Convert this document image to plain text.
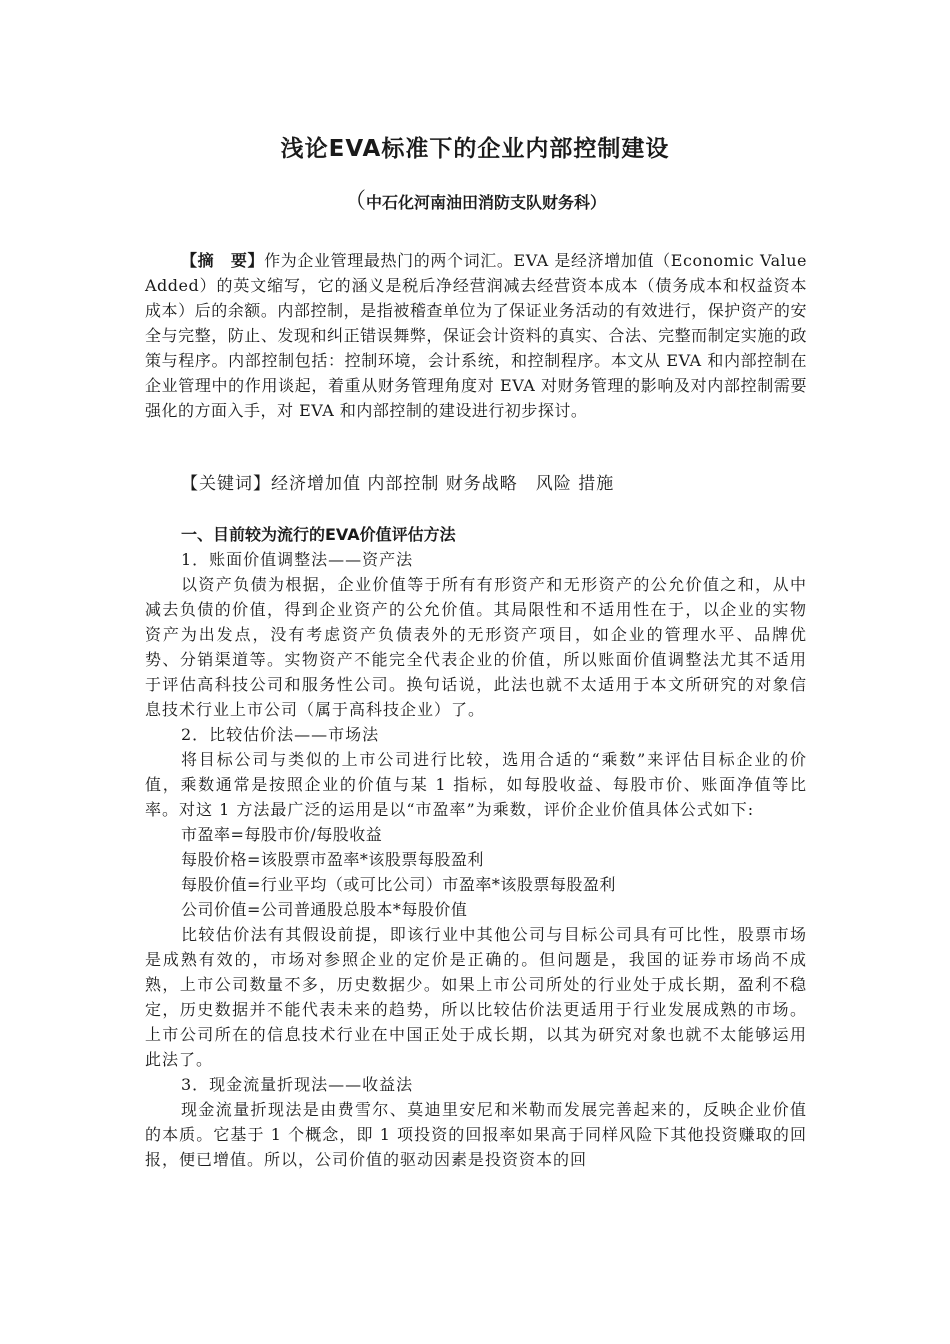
浅论EVA标准下的企业内部控制建设
（中石化河南油田消防支队财务科）

【摘　要】作为企业管理最热门的两个词汇。EVA 是经济增加值（Economic Value Added）的英文缩写，它的涵义是税后净经营润减去经营资本成本（债务成本和权益资本成本）后的余额。内部控制，是指被稽查单位为了保证业务活动的有效进行，保护资产的安全与完整，防止、发现和纠正错误舞弊，保证会计资料的真实、合法、完整而制定实施的政策与程序。内部控制包括：控制环境，会计系统，和控制程序。本文从 EVA 和内部控制在企业管理中的作用谈起，着重从财务管理角度对 EVA 对财务管理的影响及对内部控制需要强化的方面入手，对 EVA 和内部控制的建设进行初步探讨。

【关键词】经济增加值 内部控制 财务战略　风险 措施

一、目前较为流行的EVA价值评估方法

1．账面价值调整法——资产法

以资产负债为根据，企业价值等于所有有形资产和无形资产的公允价值之和，从中减去负债的价值，得到企业资产的公允价值。其局限性和不适用性在于，以企业的实物资产为出发点，没有考虑资产负债表外的无形资产项目，如企业的管理水平、品牌优势、分销渠道等。实物资产不能完全代表企业的价值，所以账面价值调整法尤其不适用于评估高科技公司和服务性公司。换句话说，此法也就不太适用于本文所研究的对象信息技术行业上市公司（属于高科技企业）了。

2．比较估价法——市场法

将目标公司与类似的上市公司进行比较，选用合适的“乘数”来评估目标企业的价值，乘数通常是按照企业的价值与某 1 指标，如每股收益、每股市价、账面净值等比率。对这 1 方法最广泛的运用是以“市盈率”为乘数，评价企业价值具体公式如下:

市盈率=每股市价/每股收益

每股价格=该股票市盈率*该股票每股盈利

每股价值=行业平均（或可比公司）市盈率*该股票每股盈利

公司价值=公司普通股总股本*每股价值

比较估价法有其假设前提，即该行业中其他公司与目标公司具有可比性，股票市场是成熟有效的，市场对参照企业的定价是正确的。但问题是，我国的证券市场尚不成熟，上市公司数量不多，历史数据少。如果上市公司所处的行业处于成长期，盈利不稳定，历史数据并不能代表未来的趋势，所以比较估价法更适用于行业发展成熟的市场。上市公司所在的信息技术行业在中国正处于成长期，以其为研究对象也就不太能够运用此法了。

3．现金流量折现法——收益法

现金流量折现法是由费雪尔、莫迪里安尼和米勒而发展完善起来的，反映企业价值的本质。它基于 1 个概念，即 1 项投资的回报率如果高于同样风险下其他投资赚取的回报，便已增值。所以，公司价值的驱动因素是投资资本的回
